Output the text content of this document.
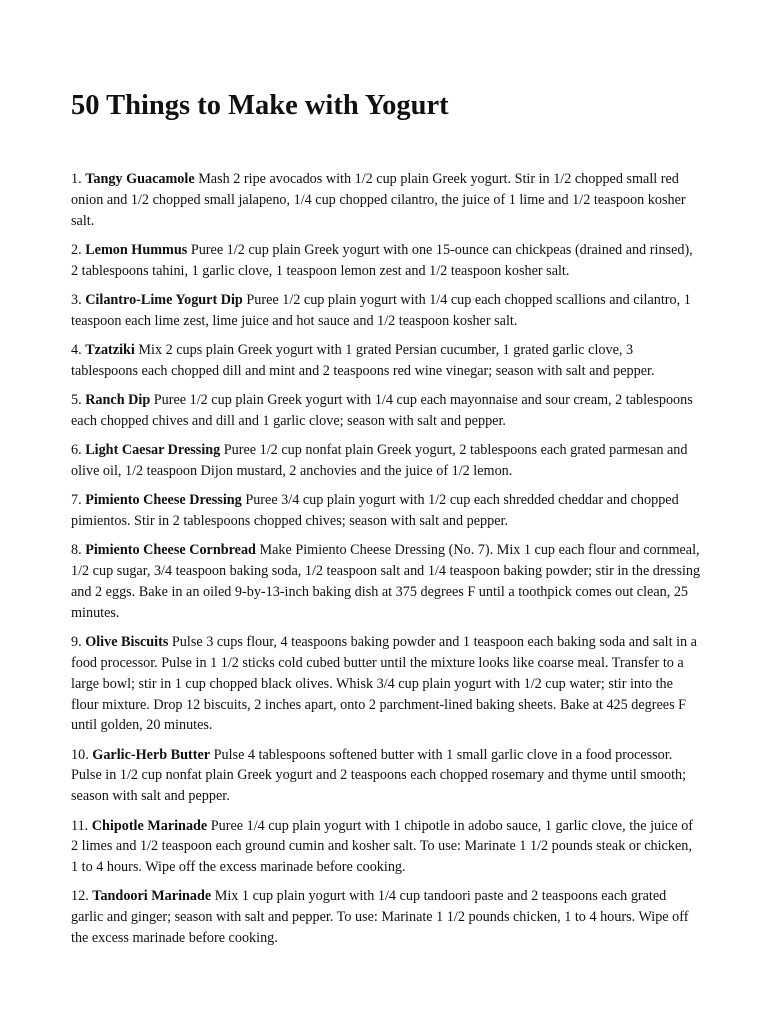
50 Things to Make with Yogurt

1. Tangy Guacamole Mash 2 ripe avocados with 1/2 cup plain Greek yogurt. Stir in 1/2 chopped small red onion and 1/2 chopped small jalapeno, 1/4 cup chopped cilantro, the juice of 1 lime and 1/2 teaspoon kosher salt.

2. Lemon Hummus Puree 1/2 cup plain Greek yogurt with one 15-ounce can chickpeas (drained and rinsed), 2 tablespoons tahini, 1 garlic clove, 1 teaspoon lemon zest and 1/2 teaspoon kosher salt.

3. Cilantro-Lime Yogurt Dip Puree 1/2 cup plain yogurt with 1/4 cup each chopped scallions and cilantro, 1 teaspoon each lime zest, lime juice and hot sauce and 1/2 teaspoon kosher salt.

4. Tzatziki Mix 2 cups plain Greek yogurt with 1 grated Persian cucumber, 1 grated garlic clove, 3 tablespoons each chopped dill and mint and 2 teaspoons red wine vinegar; season with salt and pepper.

5. Ranch Dip Puree 1/2 cup plain Greek yogurt with 1/4 cup each mayonnaise and sour cream, 2 tablespoons each chopped chives and dill and 1 garlic clove; season with salt and pepper.

6. Light Caesar Dressing Puree 1/2 cup nonfat plain Greek yogurt, 2 tablespoons each grated parmesan and olive oil, 1/2 teaspoon Dijon mustard, 2 anchovies and the juice of 1/2 lemon.

7. Pimiento Cheese Dressing Puree 3/4 cup plain yogurt with 1/2 cup each shredded cheddar and chopped pimientos. Stir in 2 tablespoons chopped chives; season with salt and pepper.

8. Pimiento Cheese Cornbread Make Pimiento Cheese Dressing (No. 7). Mix 1 cup each flour and cornmeal, 1/2 cup sugar, 3/4 teaspoon baking soda, 1/2 teaspoon salt and 1/4 teaspoon baking powder; stir in the dressing and 2 eggs. Bake in an oiled 9-by-13-inch baking dish at 375 degrees F until a toothpick comes out clean, 25 minutes.

9. Olive Biscuits Pulse 3 cups flour, 4 teaspoons baking powder and 1 teaspoon each baking soda and salt in a food processor. Pulse in 1 1/2 sticks cold cubed butter until the mixture looks like coarse meal. Transfer to a large bowl; stir in 1 cup chopped black olives. Whisk 3/4 cup plain yogurt with 1/2 cup water; stir into the flour mixture. Drop 12 biscuits, 2 inches apart, onto 2 parchment-lined baking sheets. Bake at 425 degrees F until golden, 20 minutes.

10. Garlic-Herb Butter Pulse 4 tablespoons softened butter with 1 small garlic clove in a food processor. Pulse in 1/2 cup nonfat plain Greek yogurt and 2 teaspoons each chopped rosemary and thyme until smooth; season with salt and pepper.

11. Chipotle Marinade Puree 1/4 cup plain yogurt with 1 chipotle in adobo sauce, 1 garlic clove, the juice of 2 limes and 1/2 teaspoon each ground cumin and kosher salt. To use: Marinate 1 1/2 pounds steak or chicken, 1 to 4 hours. Wipe off the excess marinade before cooking.

12. Tandoori Marinade Mix 1 cup plain yogurt with 1/4 cup tandoori paste and 2 teaspoons each grated garlic and ginger; season with salt and pepper. To use: Marinate 1 1/2 pounds chicken, 1 to 4 hours. Wipe off the excess marinade before cooking.
